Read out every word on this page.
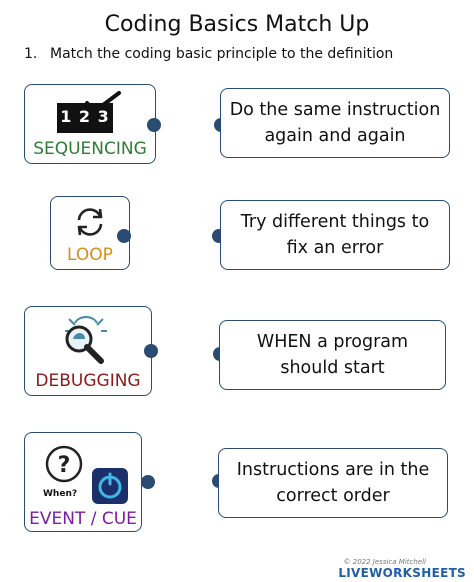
Coding Basics Match Up
1. Match the coding basic principle to the definition
1 2 3
SEQUENCING
LOOP
DEBUGGING
?
When?
EVENT / CUE
Do the same instruction
again and again
Try different things to
fix an error
WHEN a program
should start
Instructions are in the
correct order
© 2022 Jessica Mitchell
LIVEWORKSHEETS
